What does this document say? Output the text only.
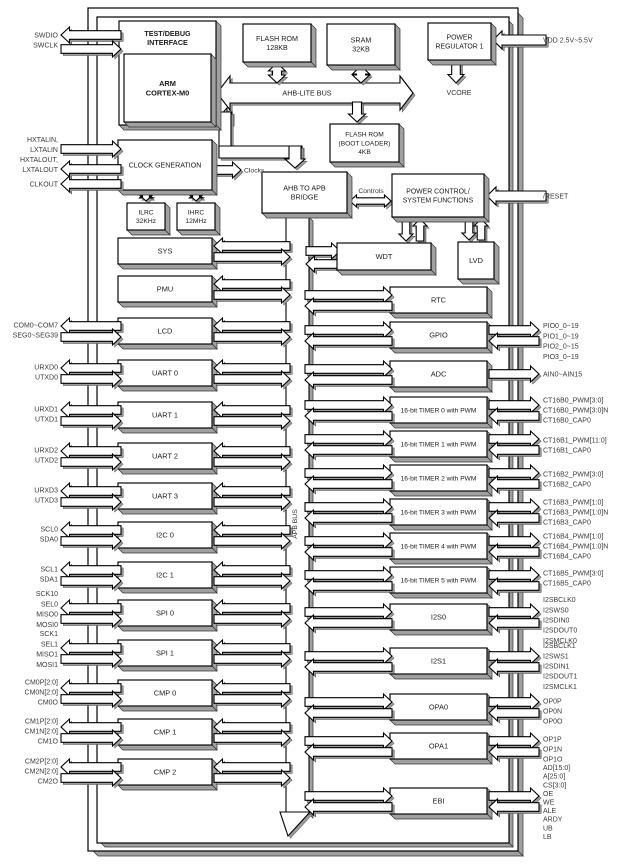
TEST/DEBUG
INTERFACE
ARM
CORTEX-M0
FLASH ROM
128KB
SRAM
32KB
POWER
REGULATOR 1
FLASH ROM
(BOOT LOADER)
4KB
CLOCK GENERATION
ILRC
32KHz
IHRC
12MHz
AHB TO APB
BRIDGE
POWER CONTROL/
SYSTEM FUNCTIONS
WDT	LVD
SYS
PMU
LCD
UART 0
UART 1
UART 2
UART 3
I2C 0
I2C 1
SPI 0
SPI 1
CMP 0
CMP 1
CMP 2
RTC
GPIO
ADC
16-bit TIMER 0 with PWM
16-bit TIMER 1 with PWM
16-bit TIMER 2 with PWM
16-bit TIMER 3 with PWM
16-bit TIMER 4 with PWM
16-bit TIMER 5 with PWM
I2S0
I2S1
OPA0
OPA1
EBI
SWDIO
SWCLK
HXTALIN,
LXTALIN
HXTALOUT,
LXTALOUT
CLKOUT
COM0~COM7
SEG0~SEG39
URXD0
UTXD0
URXD1
UTXD1
URXD2
UTXD2
URXD3
UTXD3
SCL0
SDA0
SCL1
SDA1
SCK10
SEL0
MISO0
MOSI0
SCK1
SEL1
MISO1
MOSI1
CM0P[2:0]
CM0N[2:0]
CM0O
CM1P[2:0]
CM1N[2:0]
CM1O
CM2P[2:0]
CM2N[2:0]
CM2O
VDD 2.5V~5.5V
/RESET
PIO0_0~19
PIO1_0~19
PIO2_0~15
PIO3_0~19
AIN0~AIN15
CT16B0_PWM[3:0]
CT16B0_PWM[3:0]N
CT16B0_CAP0
CT16B1_PWM[11:0]
CT16B1_CAP0
CT16B2_PWM[3:0]
CT16B2_CAP0
CT16B3_PWM[1:0]
CT16B3_PWM[1:0]N
CT16B3_CAP0
CT16B4_PWM[1:0]
CT16B4_PWM[1:0]N
CT16B4_CAP0
CT16B5_PWM[3:0]
CT16B5_CAP0
I2SBCLK0
I2SWS0
I2SDIN0
I2SDOUT0
I2SMCLK0
I2SBCLK1
I2SWS1
I2SDIN1
I2SDOUT1
I2SMCLK1
OP0P
OP0N
OP0O
OP1P
OP1N
OP1O
AD[15:0]
A[25:0]
CS[3:0]
OE
WE
ALE
ARDY
UB
LB
AHB-LITE BUS
APB BUS
Clocks
Controls
VCORE
